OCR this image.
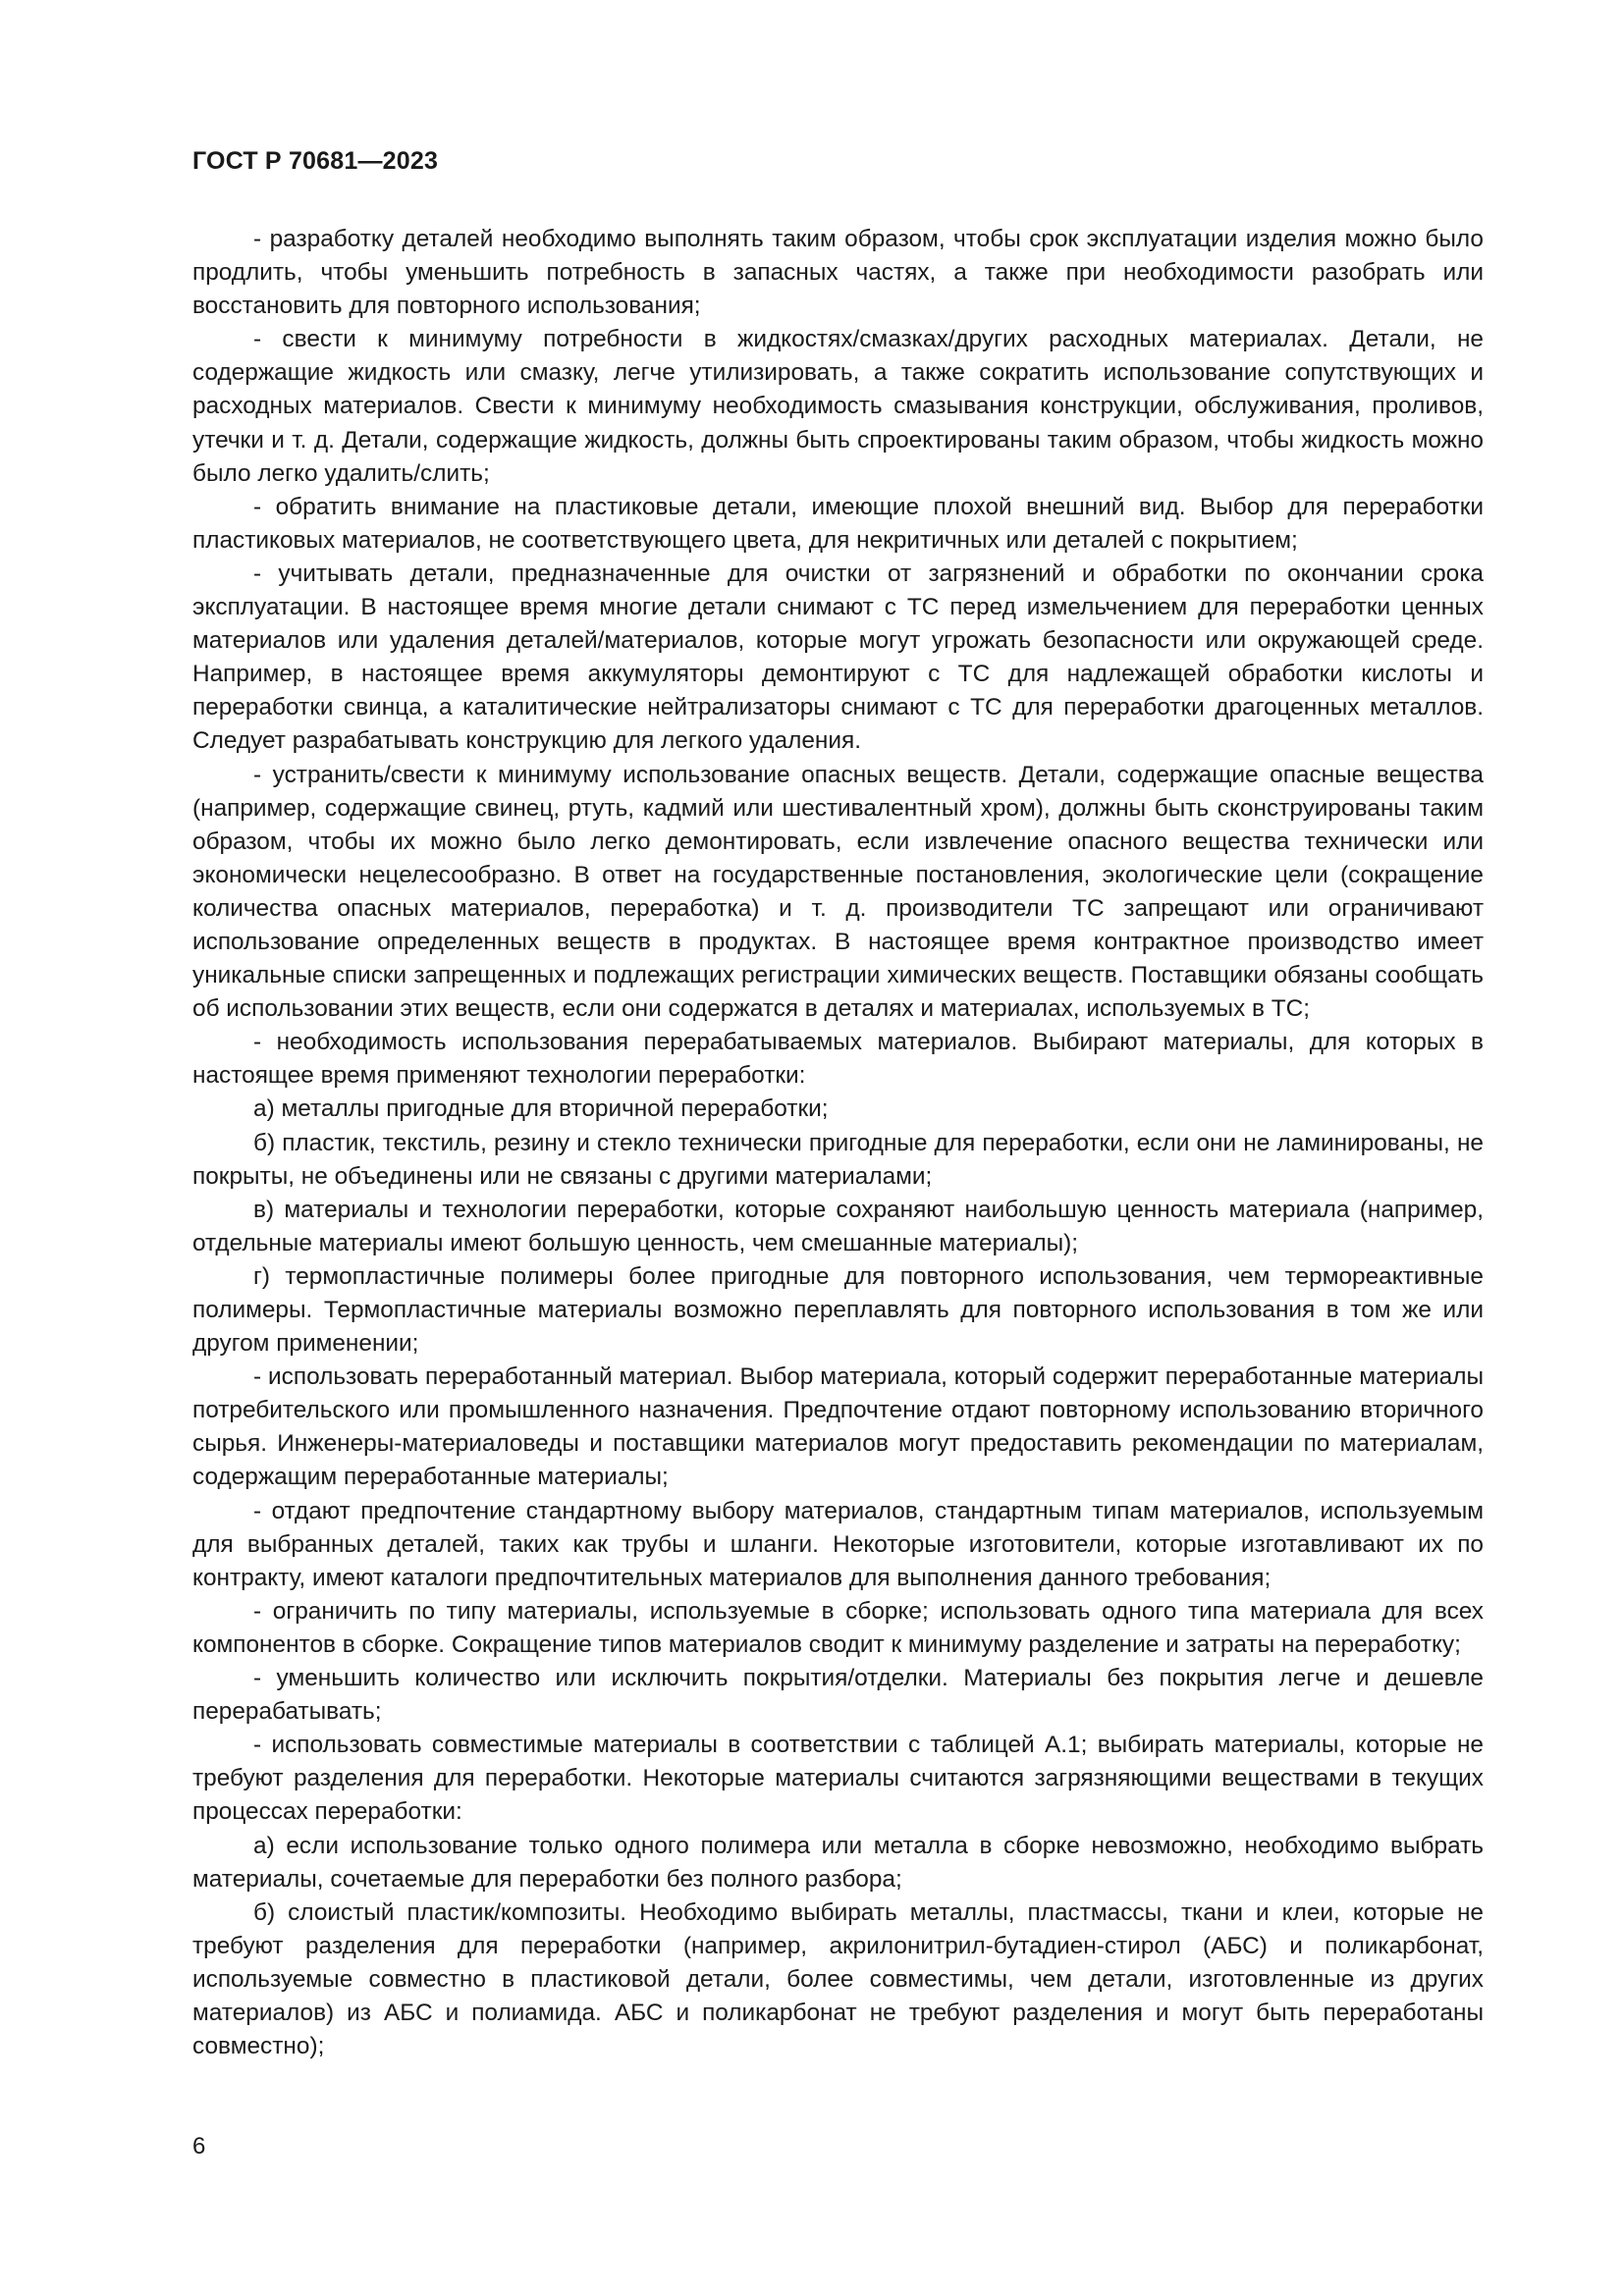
ГОСТ Р 70681—2023

- разработку деталей необходимо выполнять таким образом, чтобы срок эксплуатации изделия можно было продлить, чтобы уменьшить потребность в запасных частях, а также при необходимости разобрать или восстановить для повторного использования;

- свести к минимуму потребности в жидкостях/смазках/других расходных материалах. Детали, не содержащие жидкость или смазку, легче утилизировать, а также сократить использование сопутствующих и расходных материалов. Свести к минимуму необходимость смазывания конструкции, обслуживания, проливов, утечки и т. д. Детали, содержащие жидкость, должны быть спроектированы таким образом, чтобы жидкость можно было легко удалить/слить;

- обратить внимание на пластиковые детали, имеющие плохой внешний вид. Выбор для переработки пластиковых материалов, не соответствующего цвета, для некритичных или деталей с покрытием;

- учитывать детали, предназначенные для очистки от загрязнений и обработки по окончании срока эксплуатации. В настоящее время многие детали снимают с ТС перед измельчением для переработки ценных материалов или удаления деталей/материалов, которые могут угрожать безопасности или окружающей среде. Например, в настоящее время аккумуляторы демонтируют с ТС для надлежащей обработки кислоты и переработки свинца, а каталитические нейтрализаторы снимают с ТС для переработки драгоценных металлов. Следует разрабатывать конструкцию для легкого удаления.

- устранить/свести к минимуму использование опасных веществ. Детали, содержащие опасные вещества (например, содержащие свинец, ртуть, кадмий или шестивалентный хром), должны быть сконструированы таким образом, чтобы их можно было легко демонтировать, если извлечение опасного вещества технически или экономически нецелесообразно. В ответ на государственные постановления, экологические цели (сокращение количества опасных материалов, переработка) и т. д. производители ТС запрещают или ограничивают использование определенных веществ в продуктах. В настоящее время контрактное производство имеет уникальные списки запрещенных и подлежащих регистрации химических веществ. Поставщики обязаны сообщать об использовании этих веществ, если они содержатся в деталях и материалах, используемых в ТС;

- необходимость использования перерабатываемых материалов. Выбирают материалы, для которых в настоящее время применяют технологии переработки:

а) металлы пригодные для вторичной переработки;

б) пластик, текстиль, резину и стекло технически пригодные для переработки, если они не ламинированы, не покрыты, не объединены или не связаны с другими материалами;

в) материалы и технологии переработки, которые сохраняют наибольшую ценность материала (например, отдельные материалы имеют большую ценность, чем смешанные материалы);

г) термопластичные полимеры более пригодные для повторного использования, чем термореактивные полимеры. Термопластичные материалы возможно переплавлять для повторного использования в том же или другом применении;

- использовать переработанный материал. Выбор материала, который содержит переработанные материалы потребительского или промышленного назначения. Предпочтение отдают повторному использованию вторичного сырья. Инженеры-материаловеды и поставщики материалов могут предоставить рекомендации по материалам, содержащим переработанные материалы;

- отдают предпочтение стандартному выбору материалов, стандартным типам материалов, используемым для выбранных деталей, таких как трубы и шланги. Некоторые изготовители, которые изготавливают их по контракту, имеют каталоги предпочтительных материалов для выполнения данного требования;

- ограничить по типу материалы, используемые в сборке; использовать одного типа материала для всех компонентов в сборке. Сокращение типов материалов сводит к минимуму разделение и затраты на переработку;

- уменьшить количество или исключить покрытия/отделки. Материалы без покрытия легче и дешевле перерабатывать;

- использовать совместимые материалы в соответствии с таблицей А.1; выбирать материалы, которые не требуют разделения для переработки. Некоторые материалы считаются загрязняющими веществами в текущих процессах переработки:

а) если использование только одного полимера или металла в сборке невозможно, необходимо выбрать материалы, сочетаемые для переработки без полного разбора;

б) слоистый пластик/композиты. Необходимо выбирать металлы, пластмассы, ткани и клеи, которые не требуют разделения для переработки (например, акрилонитрил-бутадиен-стирол (АБС) и поликарбонат, используемые совместно в пластиковой детали, более совместимы, чем детали, изготовленные из других материалов) из АБС и полиамида. АБС и поликарбонат не требуют разделения и могут быть переработаны совместно);

6
